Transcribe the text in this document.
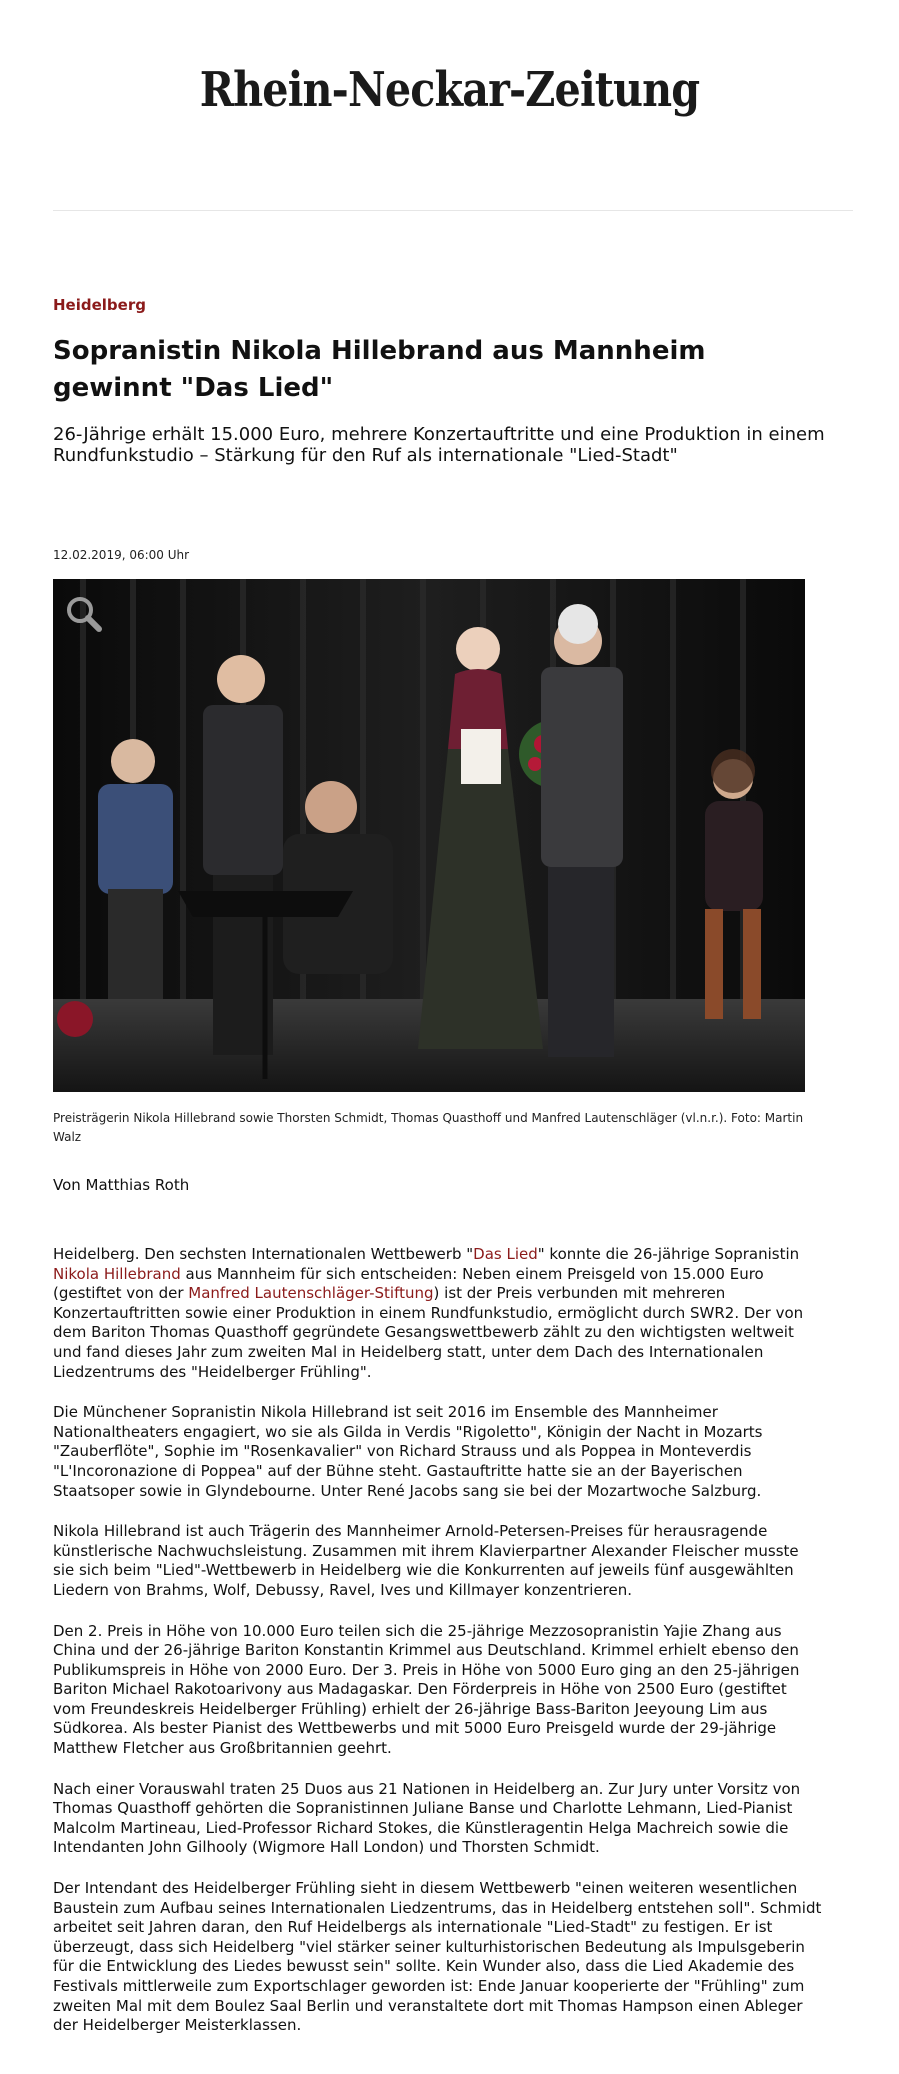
Rhein-Neckar-Zeitung
Heidelberg
Sopranistin Nikola Hillebrand aus Mannheim gewinnt "Das Lied"
26-Jährige erhält 15.000 Euro, mehrere Konzertauftritte und eine Produktion in einem Rundfunkstudio – Stärkung für den Ruf als internationale "Lied-Stadt"
12.02.2019, 06:00 Uhr
Preisträgerin Nikola Hillebrand sowie Thorsten Schmidt, Thomas Quasthoff und Manfred Lautenschläger (vl.n.r.). Foto: Martin Walz
Von Matthias Roth

Heidelberg. Den sechsten Internationalen Wettbewerb "Das Lied" konnte die 26-jährige Sopranistin Nikola Hillebrand aus Mannheim für sich entscheiden: Neben einem Preisgeld von 15.000 Euro (gestiftet von der Manfred Lautenschläger-Stiftung) ist der Preis verbunden mit mehreren Konzertauftritten sowie einer Produktion in einem Rundfunkstudio, ermöglicht durch SWR2. Der von dem Bariton Thomas Quasthoff gegründete Gesangswettbewerb zählt zu den wichtigsten weltweit und fand dieses Jahr zum zweiten Mal in Heidelberg statt, unter dem Dach des Internationalen Liedzentrums des "Heidelberger Frühling".

Die Münchener Sopranistin Nikola Hillebrand ist seit 2016 im Ensemble des Mannheimer Nationaltheaters engagiert, wo sie als Gilda in Verdis "Rigoletto", Königin der Nacht in Mozarts "Zauberflöte", Sophie im "Rosenkavalier" von Richard Strauss und als Poppea in Monteverdis "L'Incoronazione di Poppea" auf der Bühne steht. Gastauftritte hatte sie an der Bayerischen Staatsoper sowie in Glyndebourne. Unter René Jacobs sang sie bei der Mozartwoche Salzburg.

Nikola Hillebrand ist auch Trägerin des Mannheimer Arnold-Petersen-Preises für herausragende künstlerische Nachwuchsleistung. Zusammen mit ihrem Klavierpartner Alexander Fleischer musste sie sich beim "Lied"-Wettbewerb in Heidelberg wie die Konkurrenten auf jeweils fünf ausgewählten Liedern von Brahms, Wolf, Debussy, Ravel, Ives und Killmayer konzentrieren.

Den 2. Preis in Höhe von 10.000 Euro teilen sich die 25-jährige Mezzosopranistin Yajie Zhang aus China und der 26-jährige Bariton Konstantin Krimmel aus Deutschland. Krimmel erhielt ebenso den Publikumspreis in Höhe von 2000 Euro. Der 3. Preis in Höhe von 5000 Euro ging an den 25-jährigen Bariton Michael Rakotoarivony aus Madagaskar. Den Förderpreis in Höhe von 2500 Euro (gestiftet vom Freundeskreis Heidelberger Frühling) erhielt der 26-jährige Bass-Bariton Jeeyoung Lim aus Südkorea. Als bester Pianist des Wettbewerbs und mit 5000 Euro Preisgeld wurde der 29-jährige Matthew Fletcher aus Großbritannien geehrt.

Nach einer Vorauswahl traten 25 Duos aus 21 Nationen in Heidelberg an. Zur Jury unter Vorsitz von Thomas Quasthoff gehörten die Sopranistinnen Juliane Banse und Charlotte Lehmann, Lied-Pianist Malcolm Martineau, Lied-Professor Richard Stokes, die Künstleragentin Helga Machreich sowie die Intendanten John Gilhooly (Wigmore Hall London) und Thorsten Schmidt.

Der Intendant des Heidelberger Frühling sieht in diesem Wettbewerb "einen weiteren wesentlichen Baustein zum Aufbau seines Internationalen Liedzentrums, das in Heidelberg entstehen soll". Schmidt arbeitet seit Jahren daran, den Ruf Heidelbergs als internationale "Lied-Stadt" zu festigen. Er ist überzeugt, dass sich Heidelberg "viel stärker seiner kulturhistorischen Bedeutung als Impulsgeberin für die Entwicklung des Liedes bewusst sein" sollte. Kein Wunder also, dass die Lied Akademie des Festivals mittlerweile zum Exportschlager geworden ist: Ende Januar kooperierte der "Frühling" zum zweiten Mal mit dem Boulez Saal Berlin und veranstaltete dort mit Thomas Hampson einen Ableger der Heidelberger Meisterklassen.
